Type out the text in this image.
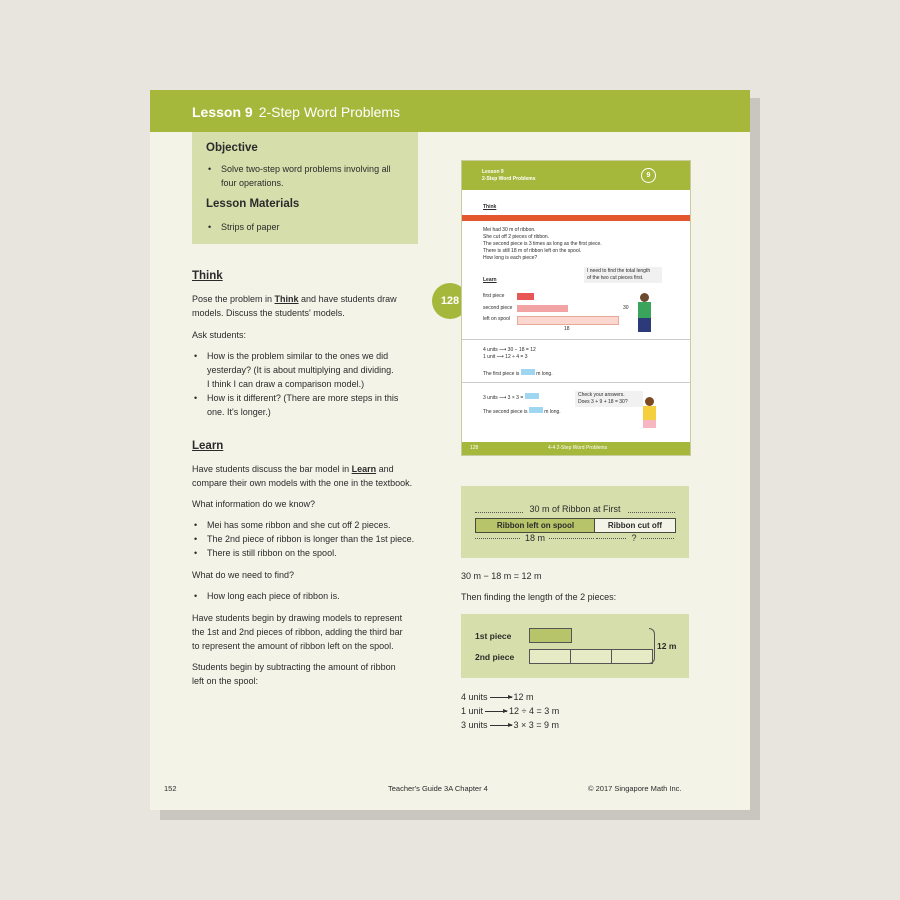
Lesson 9 2-Step Word Problems
Objective
• Solve two-step word problems involving all
four operations.
Lesson Materials
• Strips of paper
Think
Pose the problem in Think and have students draw
models. Discuss the students' models.
Ask students:
• How is the problem similar to the ones we did
yesterday? (It is about multiplying and dividing.
I think I can draw a comparison model.)
• How is it different? (There are more steps in this
one. It's longer.)
Learn
Have students discuss the bar model in Learn and
compare their own models with the one in the textbook.
What information do we know?
• Mei has some ribbon and she cut off 2 pieces.
• The 2nd piece of ribbon is longer than the 1st piece.
• There is still ribbon on the spool.
What do we need to find?
• How long each piece of ribbon is.
Have students begin by drawing models to represent
the 1st and 2nd pieces of ribbon, adding the third bar
to represent the amount of ribbon left on the spool.
Students begin by subtracting the amount of ribbon
left on the spool:
128
Lesson 9
2-Step Word Problems	9
Think
Mei had 30 m of ribbon.
She cut off 2 pieces of ribbon.
The second piece is 3 times as long as the first piece.
There is still 18 m of ribbon left on the spool.
How long is each piece?
Learn
I need to find the total length
of the two cut pieces first.
first piece
second piece
left on spool
30
18
4 units ⟶ 30 − 18 = 12
1 unit ⟶ 12 ÷ 4 = 3
The first piece is	m long.
3 units ⟶ 3 × 3 =
The second piece is	m long.
Check your answers.
Does 3 + 9 + 18 = 30?
128	4-4 2-Step Word Problems
30 m of Ribbon at First
Ribbon left on spool	Ribbon cut off
18 m	?
30 m − 18 m = 12 m
Then finding the length of the 2 pieces:
1st piece
2nd piece
12 m
4 units	12 m
1 unit	12 ÷ 4 = 3 m
3 units	3 × 3 = 9 m
152	Teacher's Guide 3A Chapter 4	© 2017 Singapore Math Inc.
